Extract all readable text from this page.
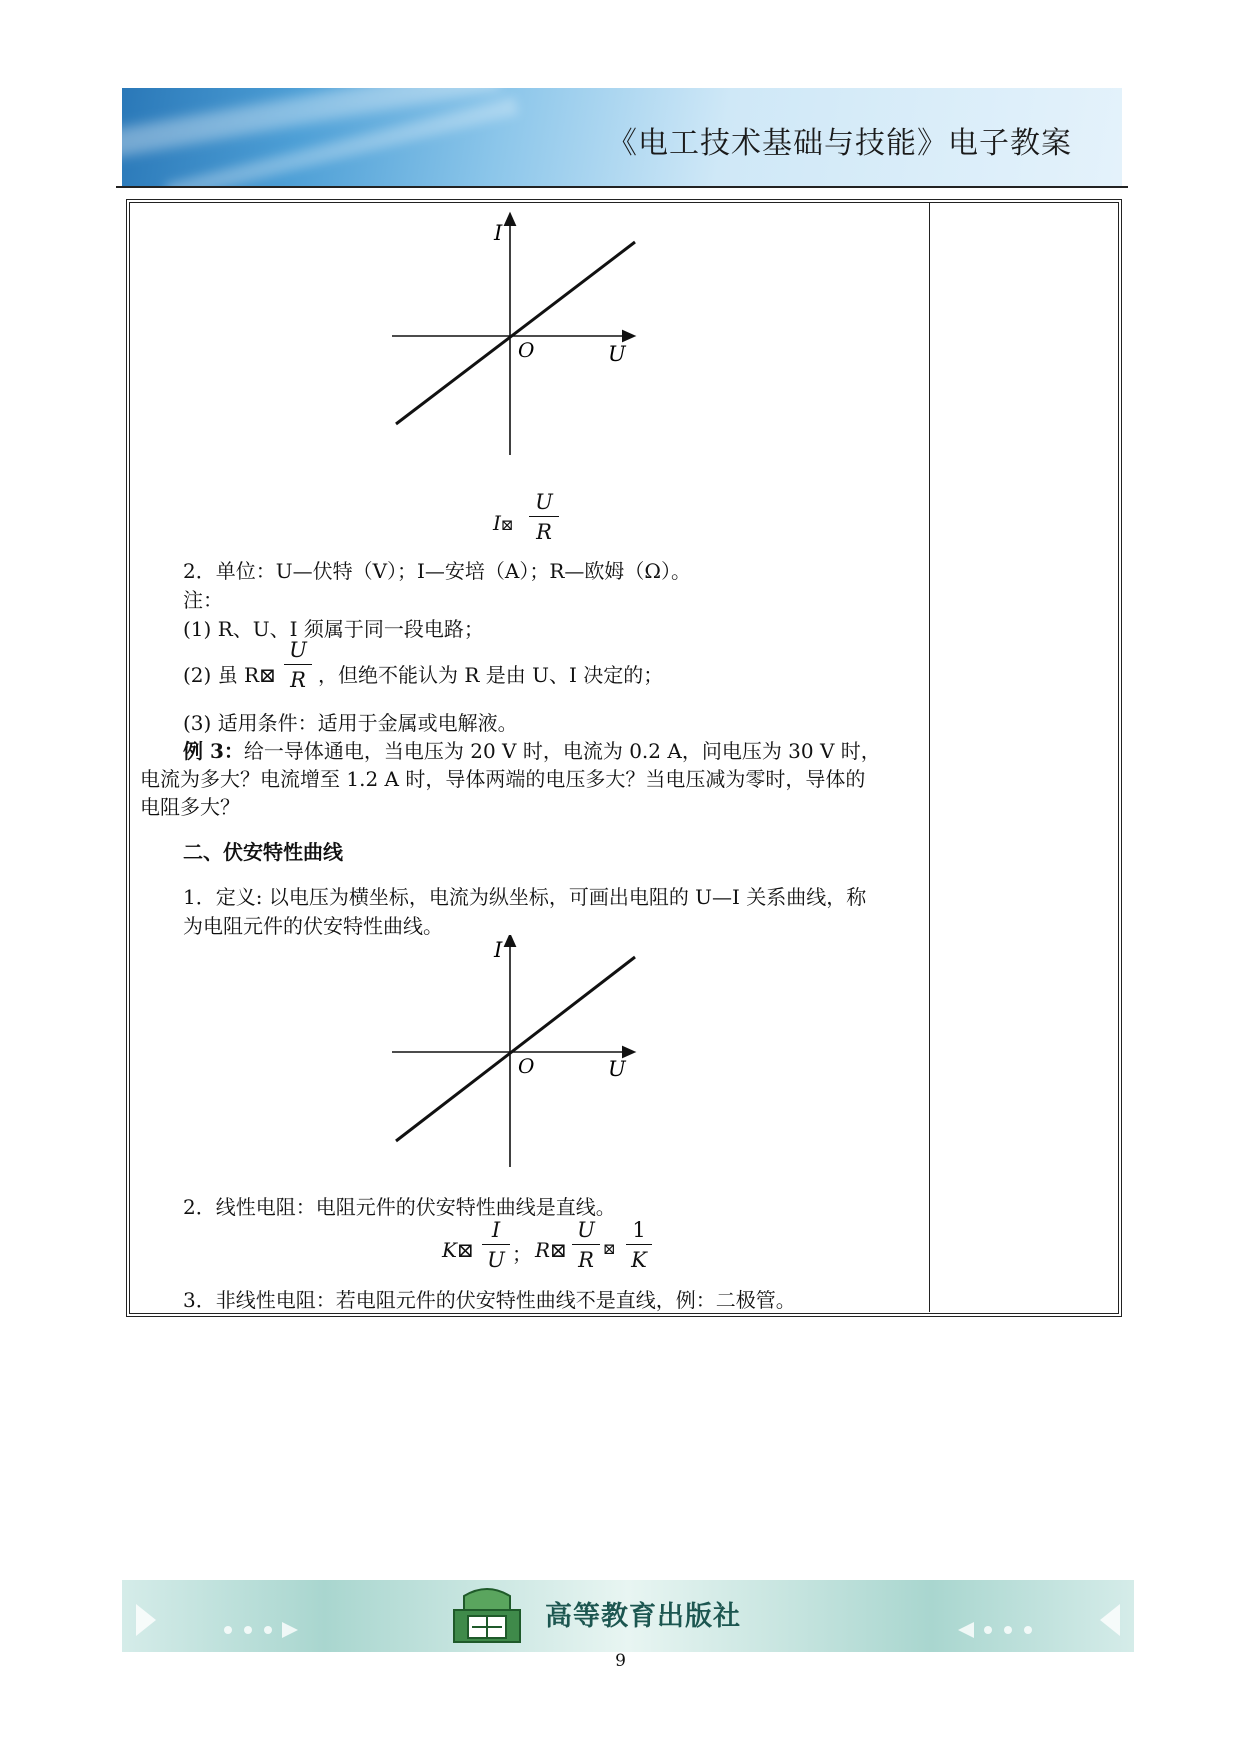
《电工技术基础与技能》电子教案
I
O	U
I⊠
U
R
2．单位：U—伏特（V）；I—安培（A）；R—欧姆（Ω）。
注：
(1) R、U、I 须属于同一段电路；
(2) 虽 R⊠
U
R ，但绝不能认为 R 是由 U、I 决定的；
(3) 适用条件：适用于金属或电解液。
例 3：给一导体通电，当电压为 20 V 时，电流为 0.2 A，问电压为 30 V 时，
电流为多大？电流增至 1.2 A 时，导体两端的电压多大？当电压减为零时，导体的
电阻多大？
二、伏安特性曲线
1．定义: 以电压为横坐标，电流为纵坐标，可画出电阻的 U—I 关系曲线，称
为电阻元件的伏安特性曲线。
I
O	U
2．线性电阻：电阻元件的伏安特性曲线是直线。
K⊠
I
U ； R⊠
U
R ⊠
1
K
3．非线性电阻：若电阻元件的伏安特性曲线不是直线，例：二极管。
高等教育出版社
9
